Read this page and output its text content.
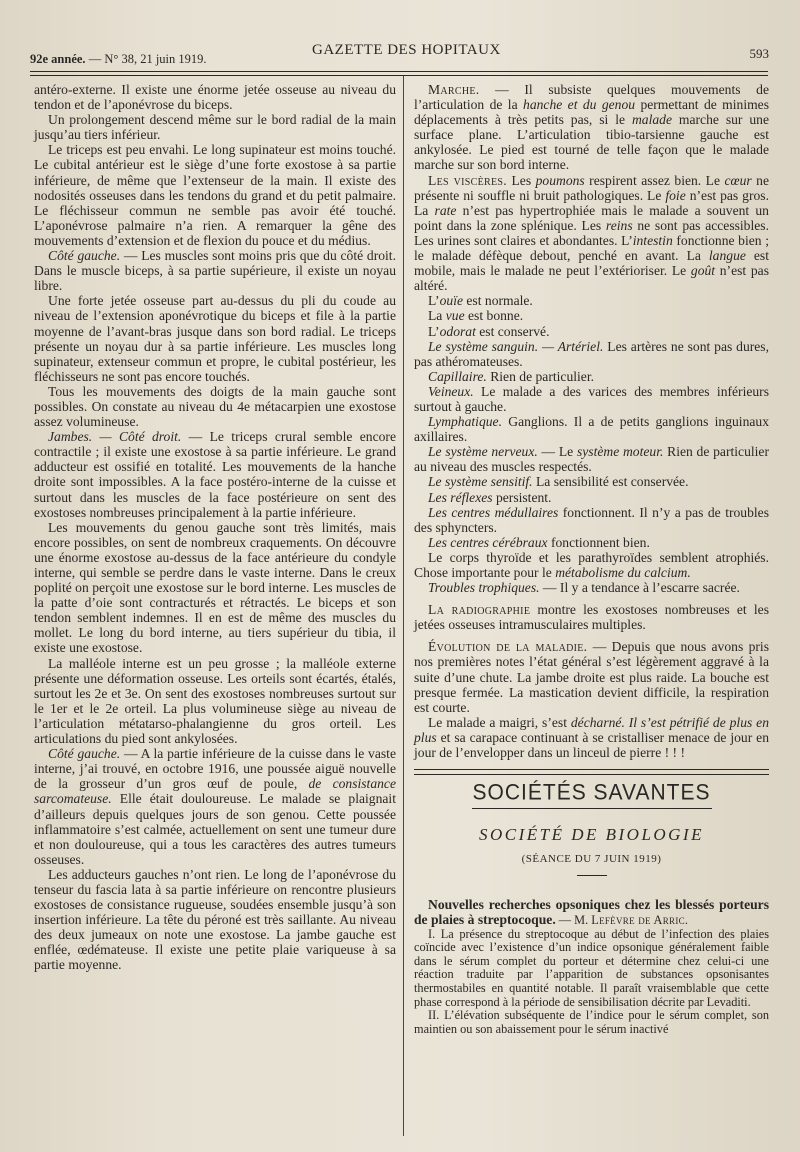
92e année. — N° 38, 21 juin 1919.
GAZETTE DES HOPITAUX	593

antéro-externe. Il existe une énorme jetée osseuse au niveau du tendon et de l’aponévrose du biceps.

Un prolongement descend même sur le bord radial de la main jusqu’au tiers inférieur.

Le triceps est peu envahi. Le long supinateur est moins touché. Le cubital antérieur est le siège d’une forte exostose à sa partie inférieure, de même que l’extenseur de la main. Il existe des nodosités osseuses dans les tendons du grand et du petit palmaire. Le fléchisseur commun ne semble pas avoir été touché. L’aponévrose palmaire n’a rien. A remarquer la gêne des mouvements d’extension et de flexion du pouce et du médius.

Côté gauche. — Les muscles sont moins pris que du côté droit. Dans le muscle biceps, à sa partie supérieure, il existe un noyau libre.

Une forte jetée osseuse part au-dessus du pli du coude au niveau de l’extension aponévrotique du biceps et file à la partie moyenne de l’avant-bras jusque dans son bord radial. Le triceps présente un noyau dur à sa partie inférieure. Les muscles long supinateur, extenseur commun et propre, le cubital postérieur, les fléchisseurs ne sont pas encore touchés.

Tous les mouvements des doigts de la main gauche sont possibles. On constate au niveau du 4e métacarpien une exostose assez volumineuse.

Jambes. — Côté droit. — Le triceps crural semble encore contractile ; il existe une exostose à sa partie inférieure. Le grand adducteur est ossifié en totalité. Les mouvements de la hanche droite sont impossibles. A la face postéro-interne de la cuisse et surtout dans les muscles de la face postérieure on sent des exostoses nombreuses principalement à la partie inférieure.

Les mouvements du genou gauche sont très limités, mais encore possibles, on sent de nombreux craquements. On découvre une énorme exostose au-dessus de la face antérieure du condyle interne, qui semble se perdre dans le vaste interne. Dans le creux poplité on perçoit une exostose sur le bord interne. Les muscles de la patte d’oie sont contracturés et rétractés. Le biceps et son tendon semblent indemnes. Il en est de même des muscles du mollet. Le long du bord interne, au tiers supérieur du tibia, il existe une exostose.

La malléole interne est un peu grosse ; la malléole externe présente une déformation osseuse. Les orteils sont écartés, étalés, surtout les 2e et 3e. On sent des exostoses nombreuses surtout sur le 1er et le 2e orteil. La plus volumineuse siège au niveau de l’articulation métatarso-phalangienne du gros orteil. Les articulations du pied sont ankylosées.

Côté gauche. — A la partie inférieure de la cuisse dans le vaste interne, j’ai trouvé, en octobre 1916, une poussée aiguë nouvelle de la grosseur d’un gros œuf de poule, de consistance sarcomateuse. Elle était douloureuse. Le malade se plaignait d’ailleurs depuis quelques jours de son genou. Cette poussée inflammatoire s’est calmée, actuellement on sent une tumeur dure et non douloureuse, qui a tous les caractères des autres tumeurs osseuses.

Les adducteurs gauches n’ont rien. Le long de l’aponévrose du tenseur du fascia lata à sa partie inférieure on rencontre plusieurs exostoses de consistance rugueuse, soudées ensemble jusqu’à son insertion inférieure. La tête du péroné est très saillante. Au niveau des deux jumeaux on note une exostose. La jambe gauche est enflée, œdémateuse. Il existe une petite plaie variqueuse à sa partie moyenne.

Marche. — Il subsiste quelques mouvements de l’articulation de la hanche et du genou permettant de minimes déplacements à très petits pas, si le malade marche sur une surface plane. L’articulation tibio-tarsienne gauche est ankylosée. Le pied est tourné de telle façon que le malade marche sur son bord interne.

Les viscères. Les poumons respirent assez bien. Le cœur ne présente ni souffle ni bruit pathologiques. Le foie n’est pas gros. La rate n’est pas hypertrophiée mais le malade a souvent un point dans la zone splénique. Les reins ne sont pas accessibles. Les urines sont claires et abondantes. L’intestin fonctionne bien ; le malade défèque debout, penché en avant. La langue est mobile, mais le malade ne peut l’extérioriser. Le goût n’est pas altéré.

L’ouïe est normale.

La vue est bonne.

L’odorat est conservé.

Le système sanguin. — Artériel. Les artères ne sont pas dures, pas athéromateuses.

Capillaire. Rien de particulier.

Veineux. Le malade a des varices des membres inférieurs surtout à gauche.

Lymphatique. Ganglions. Il a de petits ganglions inguinaux axillaires.

Le système nerveux. — Le système moteur. Rien de particulier au niveau des muscles respectés.

Le système sensitif. La sensibilité est conservée.

Les réflexes persistent.

Les centres médullaires fonctionnent. Il n’y a pas de troubles des sphyncters.

Les centres cérébraux fonctionnent bien.

Le corps thyroïde et les parathyroïdes semblent atrophiés. Chose importante pour le métabolisme du calcium.

Troubles trophiques. — Il y a tendance à l’escarre sacrée.

La radiographie montre les exostoses nombreuses et les jetées osseuses intramusculaires multiples.

Évolution de la maladie. — Depuis que nous avons pris nos premières notes l’état général s’est légèrement aggravé à la suite d’une chute. La jambe droite est plus raide. La bouche est presque fermée. La mastication devient difficile, la respiration est courte.

Le malade a maigri, s’est décharné. Il s’est pétrifié de plus en plus et sa carapace continuant à se cristalliser menace de jour en jour de l’envelopper dans un linceul de pierre ! ! !

SOCIÉTÉS SAVANTES
SOCIÉTÉ DE BIOLOGIE
(SÉANCE DU 7 JUIN 1919)

Nouvelles recherches opsoniques chez les blessés porteurs de plaies à streptocoque. — M. Lefèvre de Arric.

I. La présence du streptocoque au début de l’infection des plaies coïncide avec l’existence d’un indice opsonique généralement faible dans le sérum complet du porteur et détermine chez celui-ci une réaction traduite par l’apparition de substances opsonisantes thermostabiles en quantité notable. Il paraît vraisemblable que cette phase correspond à la période de sensibilisation décrite par Levaditi.

II. L’élévation subséquente de l’indice pour le sérum complet, son maintien ou son abaissement pour le sérum inactivé
